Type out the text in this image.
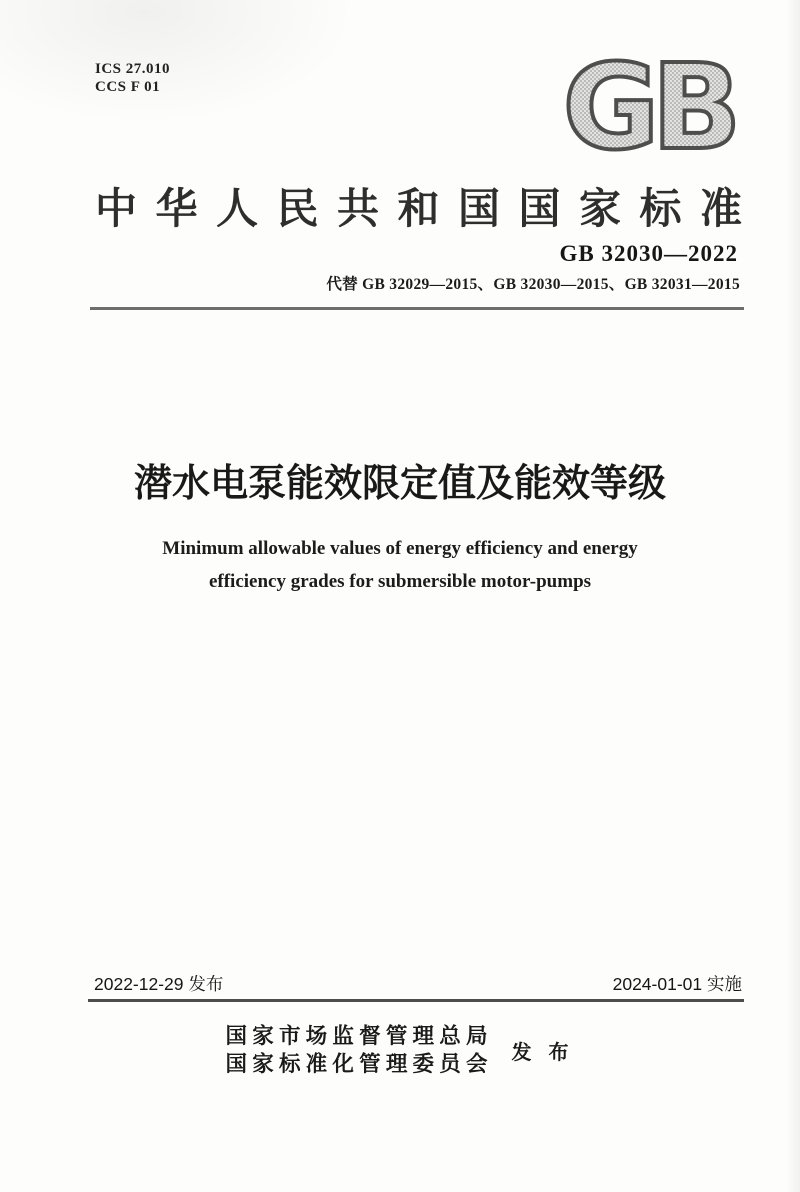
ICS 27.010
CCS F 01	GB
中华人民共和国国家标准
GB 32030—2022
代替 GB 32029—2015、GB 32030—2015、GB 32031—2015
潜水电泵能效限定值及能效等级
Minimum allowable values of energy efficiency and energy
efficiency grades for submersible motor-pumps
2022-12-29 发布	2024-01-01 实施
国家市场监督管理总局
国家标准化管理委员会 发 布
